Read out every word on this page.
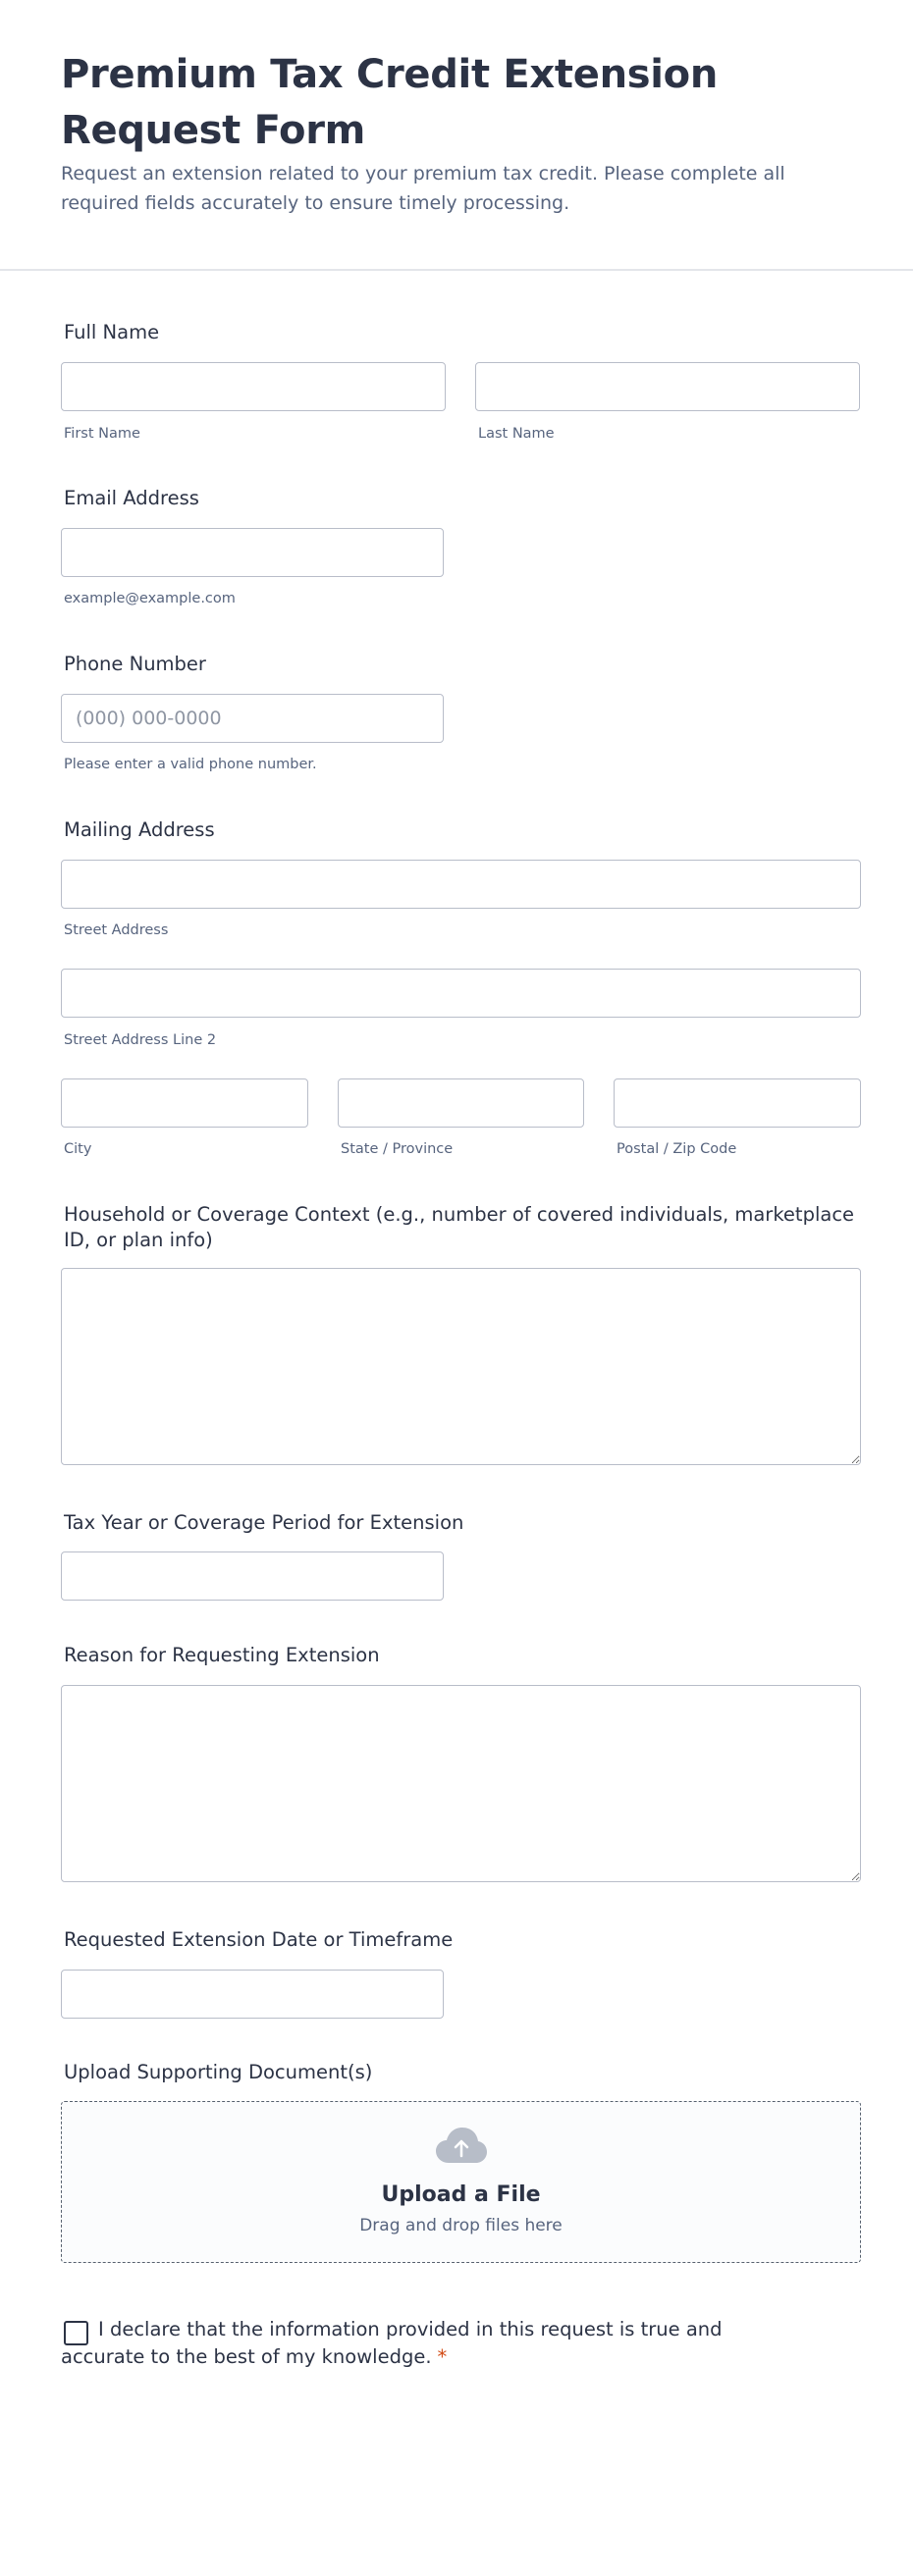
Premium Tax Credit Extension Request Form
Request an extension related to your premium tax credit. Please complete all required fields accurately to ensure timely processing.
Full Name
First Name	Last Name
Email Address
example@example.com
Phone Number
(000) 000-0000
Please enter a valid phone number.
Mailing Address
Street Address
Street Address Line 2
City	State / Province	Postal / Zip Code
Household or Coverage Context (e.g., number of covered individuals, marketplace ID, or plan info)
Tax Year or Coverage Period for Extension
Reason for Requesting Extension
Requested Extension Date or Timeframe
Upload Supporting Document(s)
Upload a File
Drag and drop files here
I declare that the information provided in this request is true and accurate to the best of my knowledge. *
